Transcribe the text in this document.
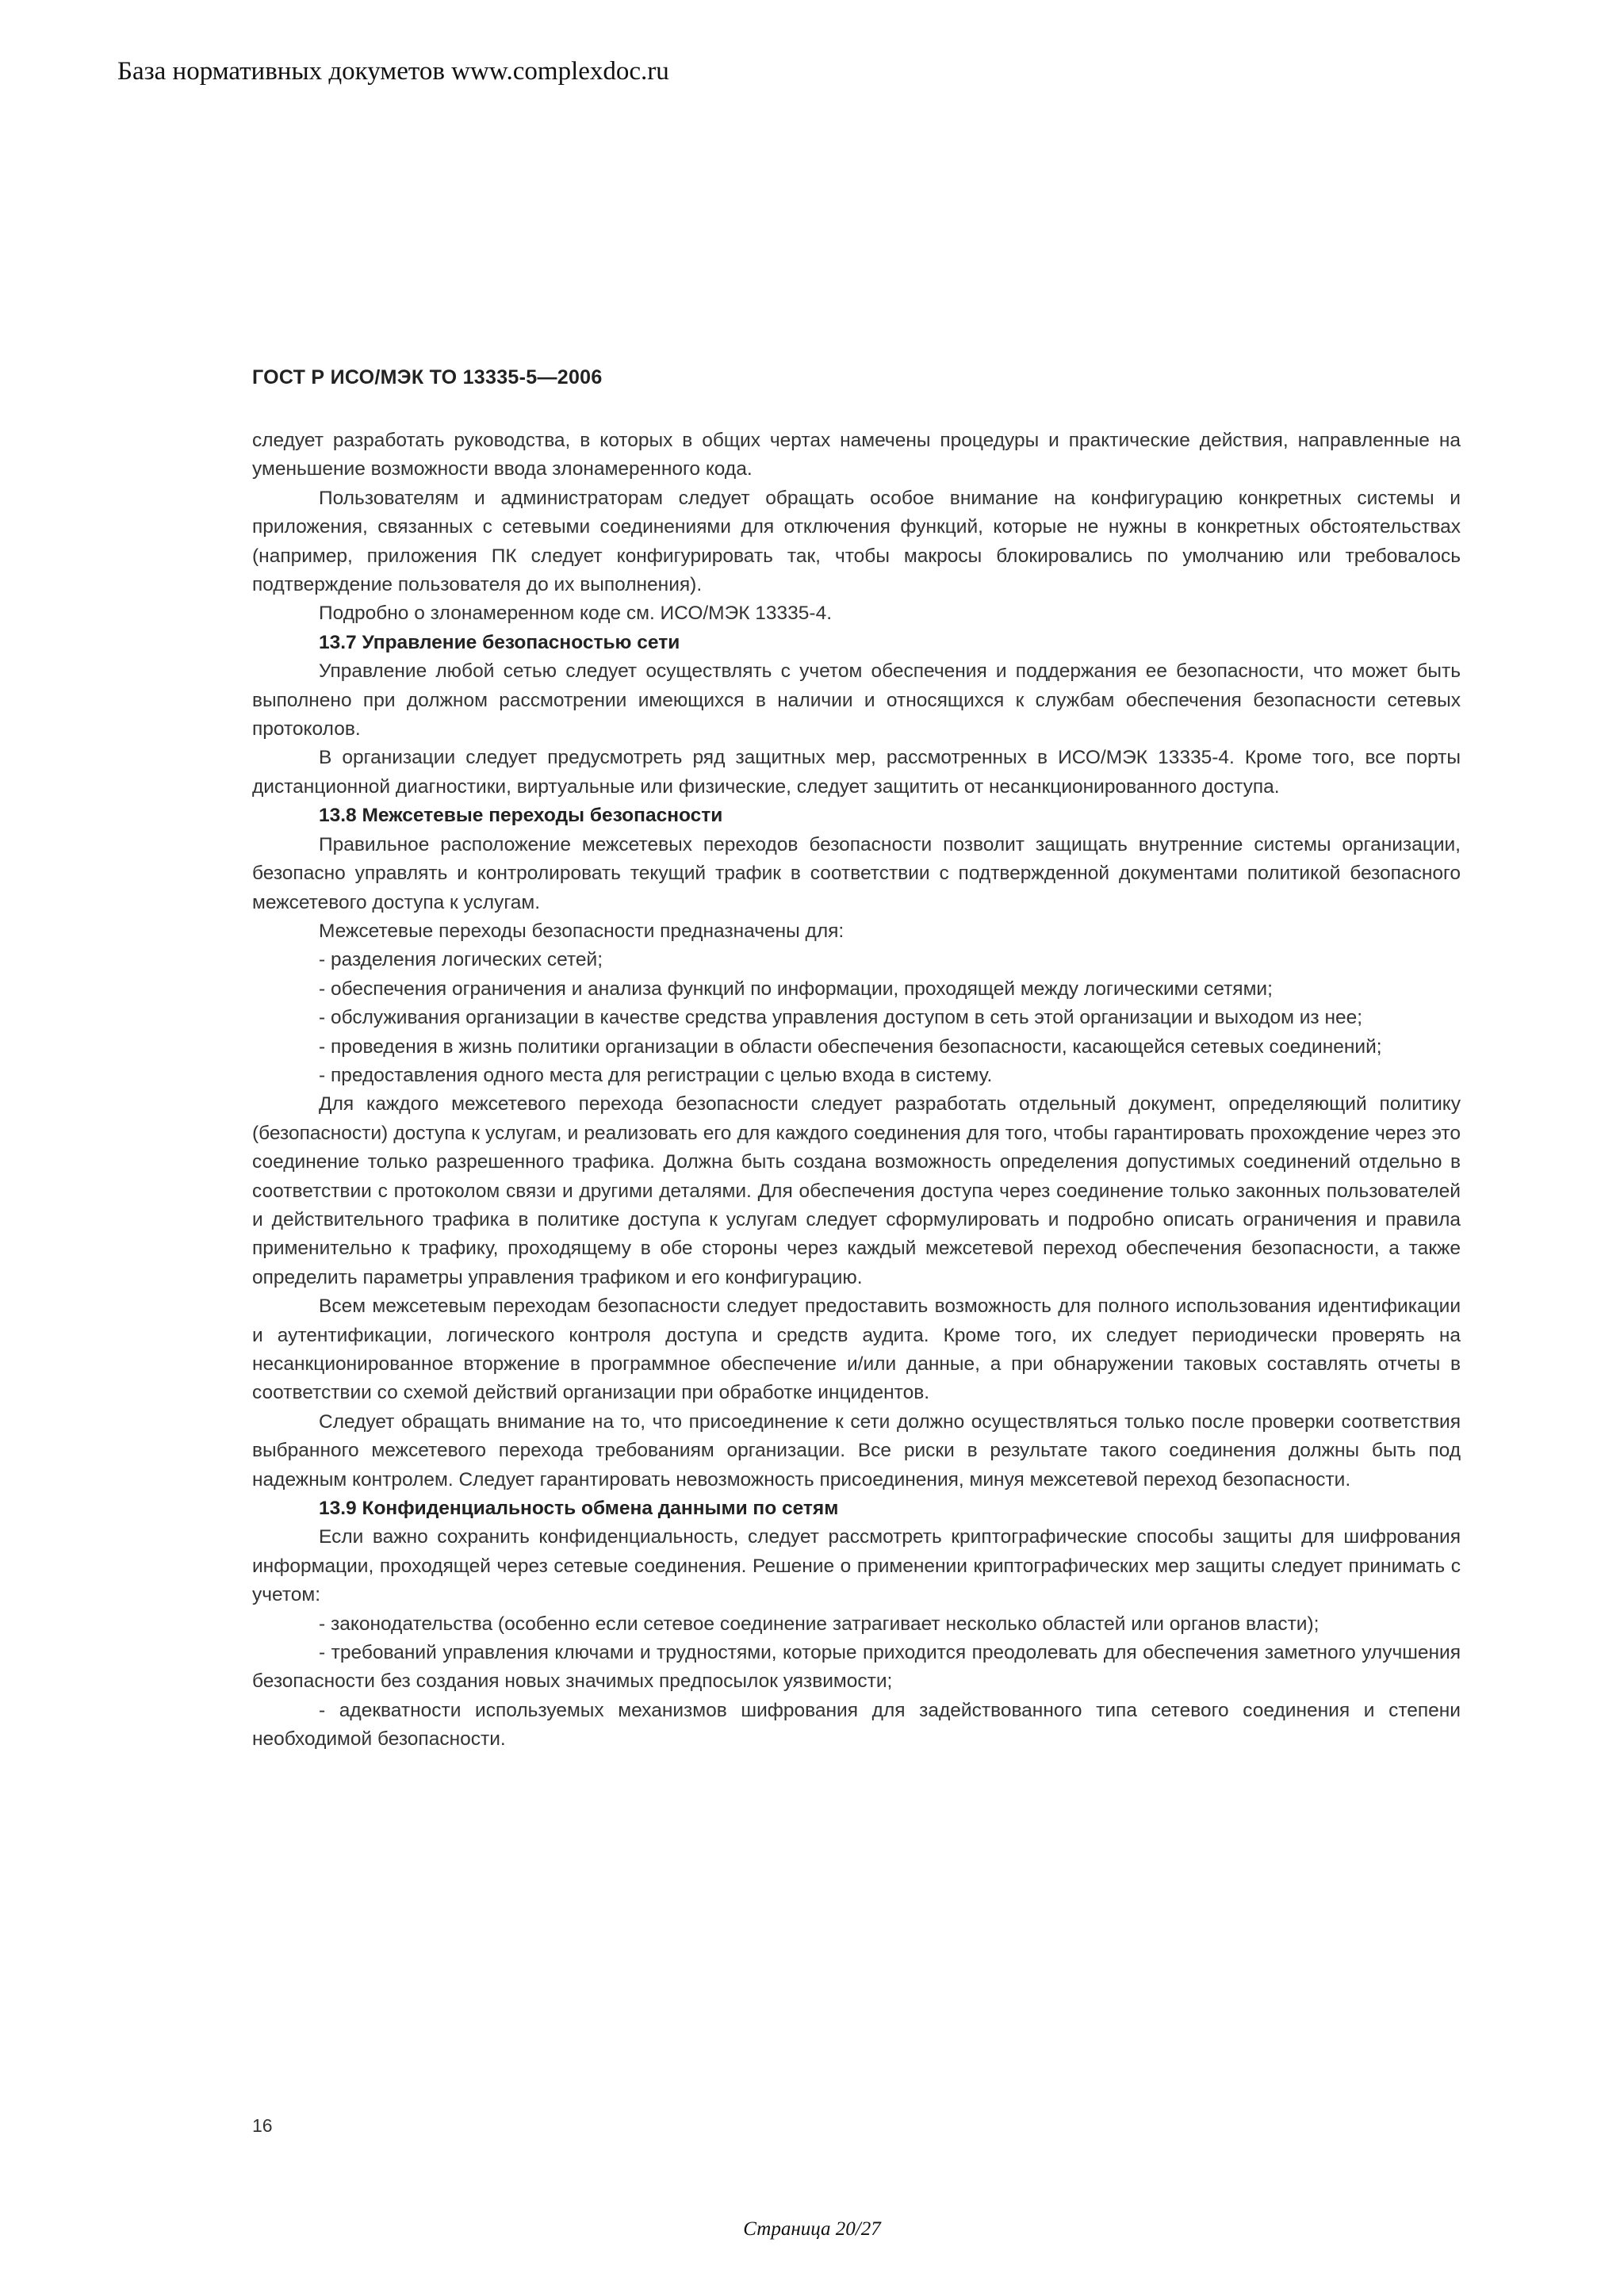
База нормативных докуметов www.complexdoc.ru
ГОСТ Р ИСО/МЭК ТО 13335-5—2006

следует разработать руководства, в которых в общих чертах намечены процедуры и практические действия, направленные на уменьшение возможности ввода злонамеренного кода.

Пользователям и администраторам следует обращать особое внимание на конфигурацию конкретных системы и приложения, связанных с сетевыми соединениями для отключения функций, которые не нужны в конкретных обстоятельствах (например, приложения ПК следует конфигурировать так, чтобы макросы блокировались по умолчанию или требовалось подтверждение пользователя до их выполнения).

Подробно о злонамеренном коде см. ИСО/МЭК 13335-4.

13.7 Управление безопасностью сети

Управление любой сетью следует осуществлять с учетом обеспечения и поддержания ее безопасности, что может быть выполнено при должном рассмотрении имеющихся в наличии и относящихся к службам обеспечения безопасности сетевых протоколов.

В организации следует предусмотреть ряд защитных мер, рассмотренных в ИСО/МЭК 13335-4. Кроме того, все порты дистанционной диагностики, виртуальные или физические, следует защитить от несанкционированного доступа.

13.8 Межсетевые переходы безопасности

Правильное расположение межсетевых переходов безопасности позволит защищать внутренние системы организации, безопасно управлять и контролировать текущий трафик в соответствии с подтвержденной документами политикой безопасного межсетевого доступа к услугам.

Межсетевые переходы безопасности предназначены для:

- разделения логических сетей;

- обеспечения ограничения и анализа функций по информации, проходящей между логическими сетями;

- обслуживания организации в качестве средства управления доступом в сеть этой организации и выходом из нее;

- проведения в жизнь политики организации в области обеспечения безопасности, касающейся сетевых соединений;

- предоставления одного места для регистрации с целью входа в систему.

Для каждого межсетевого перехода безопасности следует разработать отдельный документ, определяющий политику (безопасности) доступа к услугам, и реализовать его для каждого соединения для того, чтобы гарантировать прохождение через это соединение только разрешенного трафика. Должна быть создана возможность определения допустимых соединений отдельно в соответствии с протоколом связи и другими деталями. Для обеспечения доступа через соединение только законных пользователей и действительного трафика в политике доступа к услугам следует сформулировать и подробно описать ограничения и правила применительно к трафику, проходящему в обе стороны через каждый межсетевой переход обеспечения безопасности, а также определить параметры управления трафиком и его конфигурацию.

Всем межсетевым переходам безопасности следует предоставить возможность для полного использования идентификации и аутентификации, логического контроля доступа и средств аудита. Кроме того, их следует периодически проверять на несанкционированное вторжение в программное обеспечение и/или данные, а при обнаружении таковых составлять отчеты в соответствии со схемой действий организации при обработке инцидентов.

Следует обращать внимание на то, что присоединение к сети должно осуществляться только после проверки соответствия выбранного межсетевого перехода требованиям организации. Все риски в результате такого соединения должны быть под надежным контролем. Следует гарантировать невозможность присоединения, минуя межсетевой переход безопасности.

13.9 Конфиденциальность обмена данными по сетям

Если важно сохранить конфиденциальность, следует рассмотреть криптографические способы защиты для шифрования информации, проходящей через сетевые соединения. Решение о применении криптографических мер защиты следует принимать с учетом:

- законодательства (особенно если сетевое соединение затрагивает несколько областей или органов власти);

- требований управления ключами и трудностями, которые приходится преодолевать для обеспечения заметного улучшения безопасности без создания новых значимых предпосылок уязвимости;

- адекватности используемых механизмов шифрования для задействованного типа сетевого соединения и степени необходимой безопасности.

16
Страница 20/27
